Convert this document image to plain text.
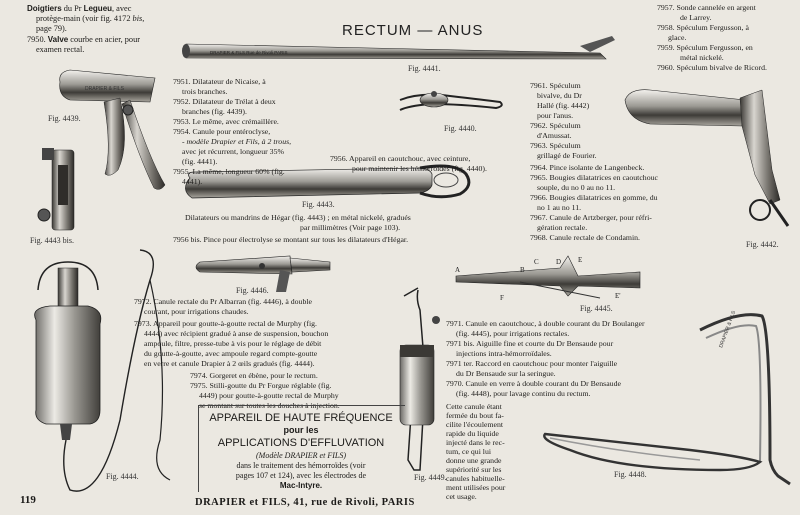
DRAPIER & FILS Rue de Rivoli PARIS
DRAPIER & FILS
A	B
C D E
E'
F
DRAPIER & FILS
RECTUM — ANUS
Doigtiers du Pr Legueu, avec
protège-main (voir fig. 4172 bis,
page 79).
7950. Valve courbe en acier, pour
examen rectal.
7951. Dilatateur de Nicaise, à
trois branches.
7952. Dilatateur de Trélat à deux
branches (fig. 4439).
7953. Le même, avec crémaillère.
7954. Canule pour entéroclyse,
- modèle Drapier et Fils, à 2 trous,
avec jet récurrent, longueur 35%
(fig. 4441).
7955. La même, longueur 60% (fig.
4441).
7956. Appareil en caoutchouc, avec ceinture,
pour maintenir les hémorroïdes (fig. 4440).
7957. Sonde cannelée en argent
de Larrey.
7958. Spéculum Fergusson, à
glace.
7959. Spéculum Fergusson, en
métal nickelé.
7960. Spéculum bivalve de Ricord.
7961. Spéculum
bivalve, du Dr
Hallé (fig. 4442)
pour l'anus.
7962. Spéculum
d'Amussat.
7963. Spéculum
grillagé de Fourier.
7964. Pince isolante de Langenbeck.
7965. Bougies dilatatrices en caoutchouc
souple, du no 0 au no 11.
7966. Bougies dilatatrices en gomme, du
no 1 au no 11.
7967. Canule de Artzberger, pour réfri-
gération rectale.
7968. Canule rectale de Condamin.
Dilatateurs ou mandrins de Hégar (fig. 4443) ; en métal nickelé, gradués
par millimètres (Voir page 103).
7956 bis. Pince pour électrolyse se montant sur tous les dilatateurs d'Hégar.
7972. Canule rectale du Pr Albarran (fig. 4446), à double
courant, pour irrigations chaudes.
7973. Appareil pour goutte-à-goutte rectal de Murphy (fig.
4444) avec récipient gradué à anse de suspension, bouchon
ampoule, filtre, presse-tube à vis pour le réglage de débit
du goutte-à-goutte, avec ampoule regard compte-goutte
en verre et canule Drapier à 2 œils gradués (fig. 4444).
7974. Gorgeret en ébène, pour le rectum.
7975. Stilli-goutte du Pr Forgue réglable (fig.
4449) pour goutte-à-goutte rectal de Murphy
se montant sur toutes les douches à injection.
APPAREIL DE HAUTE FRÉQUENCE
pour les
APPLICATIONS D'EFFLUVATION
(Modèle DRAPIER et FILS)
dans le traitement des hémorroïdes (voir
pages 107 et 124), avec les électrodes de
Mac-Intyre.
7971. Canule en caoutchouc, à double courant du Dr Boulanger
(fig. 4445), pour irrigations rectales.
7971 bis. Aiguille fine et courte du Dr Bensaude pour
injections intra-hémorroïdales.
7971 ter. Raccord en caoutchouc pour monter l'aiguille
du Dr Bensaude sur la seringue.
7970. Canule en verre à double courant du Dr Bensaude
(fig. 4448), pour lavage continu du rectum.
Cette canule étant
fermée du bout fa-
cilite l'écoulement
rapide du liquide
injecté dans le rec-
tum, ce qui lui
donne une grande
supériorité sur les
canules habituelle-
ment utilisées pour
cet usage.
Fig. 4439.
Fig. 4441.
Fig. 4440.
Fig. 4443.
Fig. 4443 bis.	Fig. 4442.
Fig. 4446.
Fig. 4445.
Fig. 4444.	Fig. 4449.	Fig. 4448.
119	DRAPIER et FILS, 41, rue de Rivoli, PARIS
